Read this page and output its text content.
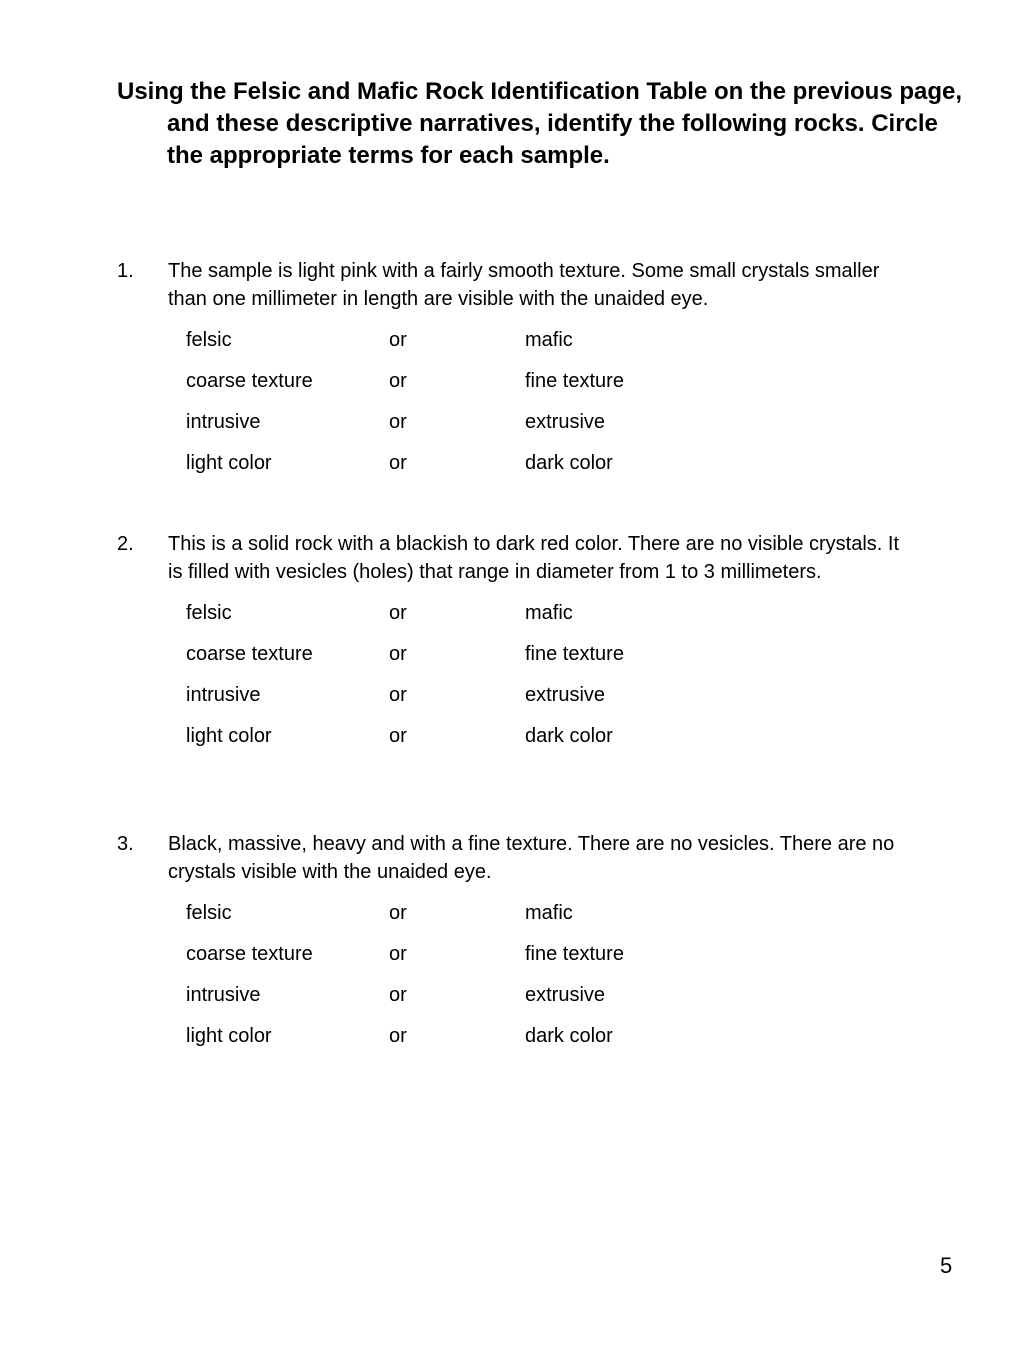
Using the Felsic and Mafic Rock Identification Table on the previous page, and these descriptive narratives, identify the following rocks. Circle the appropriate terms for each sample.

1. The sample is light pink with a fairly smooth texture. Some small crystals smaller than one millimeter in length are visible with the unaided eye.
felsic	or	mafic
coarse texture	or	fine texture
intrusive	or	extrusive
light color	or	dark color
2. This is a solid rock with a blackish to dark red color. There are no visible crystals. It is filled with vesicles (holes) that range in diameter from 1 to 3 millimeters.
felsic	or	mafic
coarse texture	or	fine texture
intrusive	or	extrusive
light color	or	dark color
3. Black, massive, heavy and with a fine texture. There are no vesicles. There are no crystals visible with the unaided eye.
felsic	or	mafic
coarse texture	or	fine texture
intrusive	or	extrusive
light color	or	dark color
5
